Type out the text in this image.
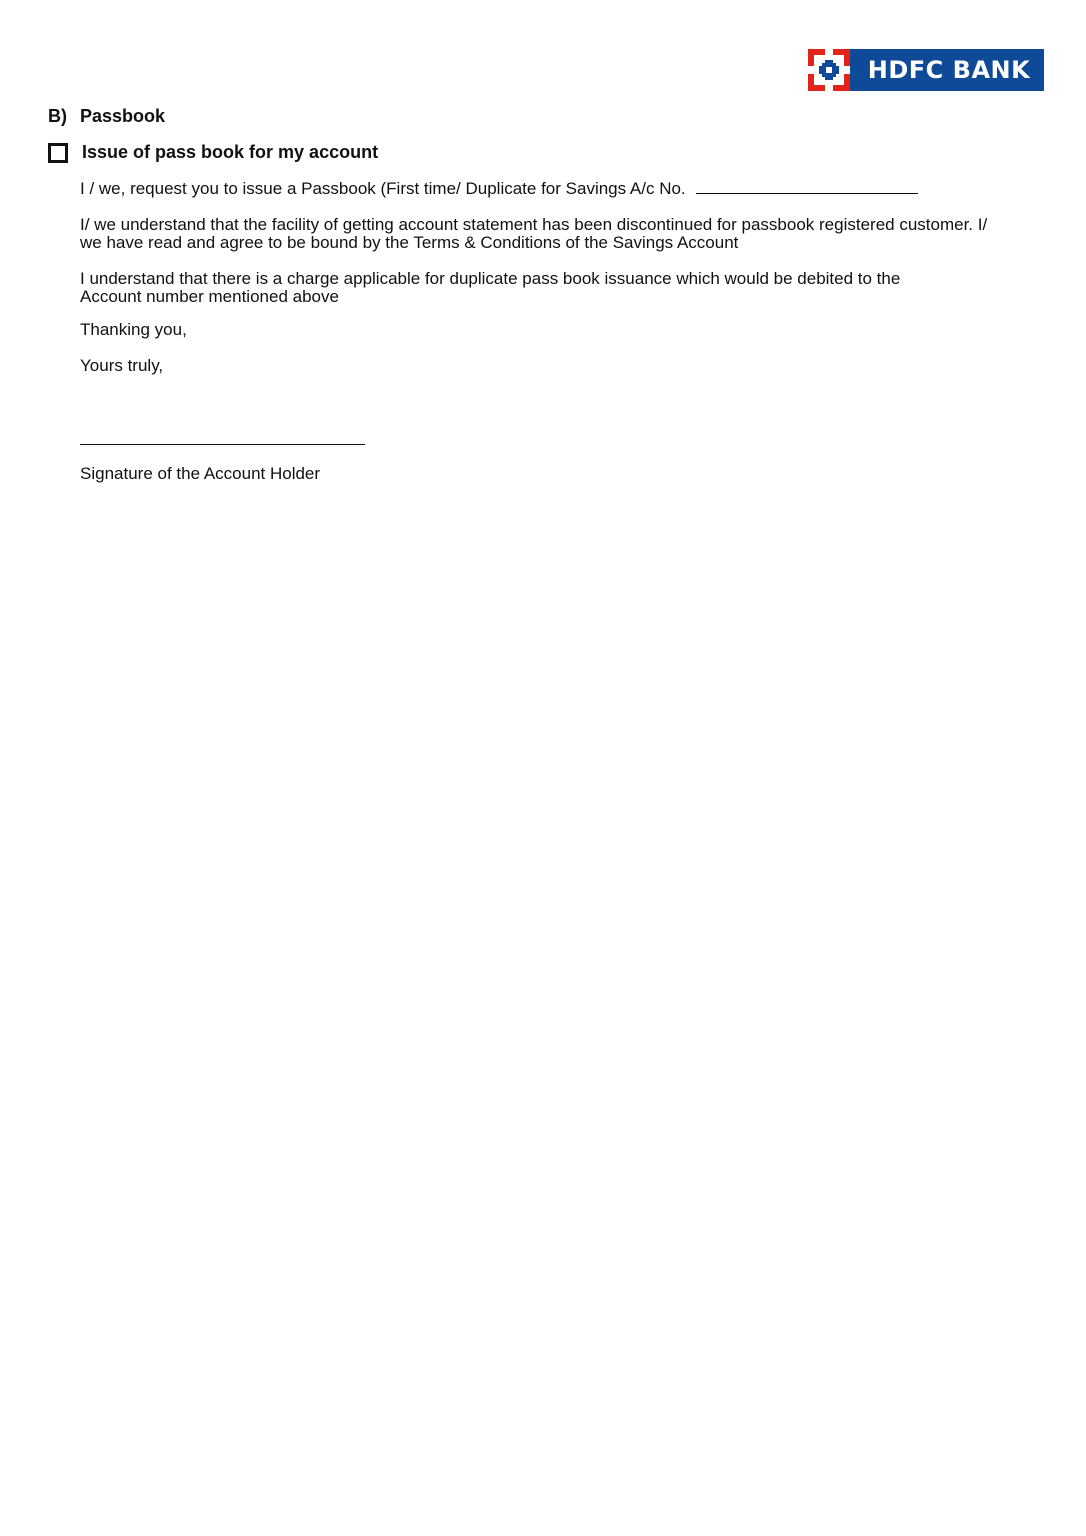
HDFC BANK
B) Passbook
Issue of pass book for my account
I / we, request you to issue a Passbook (First time/ Duplicate for Savings A/c No.
I/ we understand that the facility of getting account statement has been discontinued for passbook registered customer. I/
we have read and agree to be bound by the Terms & Conditions of the Savings Account
I understand that there is a charge applicable for duplicate pass book issuance which would be debited to the
Account number mentioned above
Thanking you,
Yours truly,
Signature of the Account Holder
